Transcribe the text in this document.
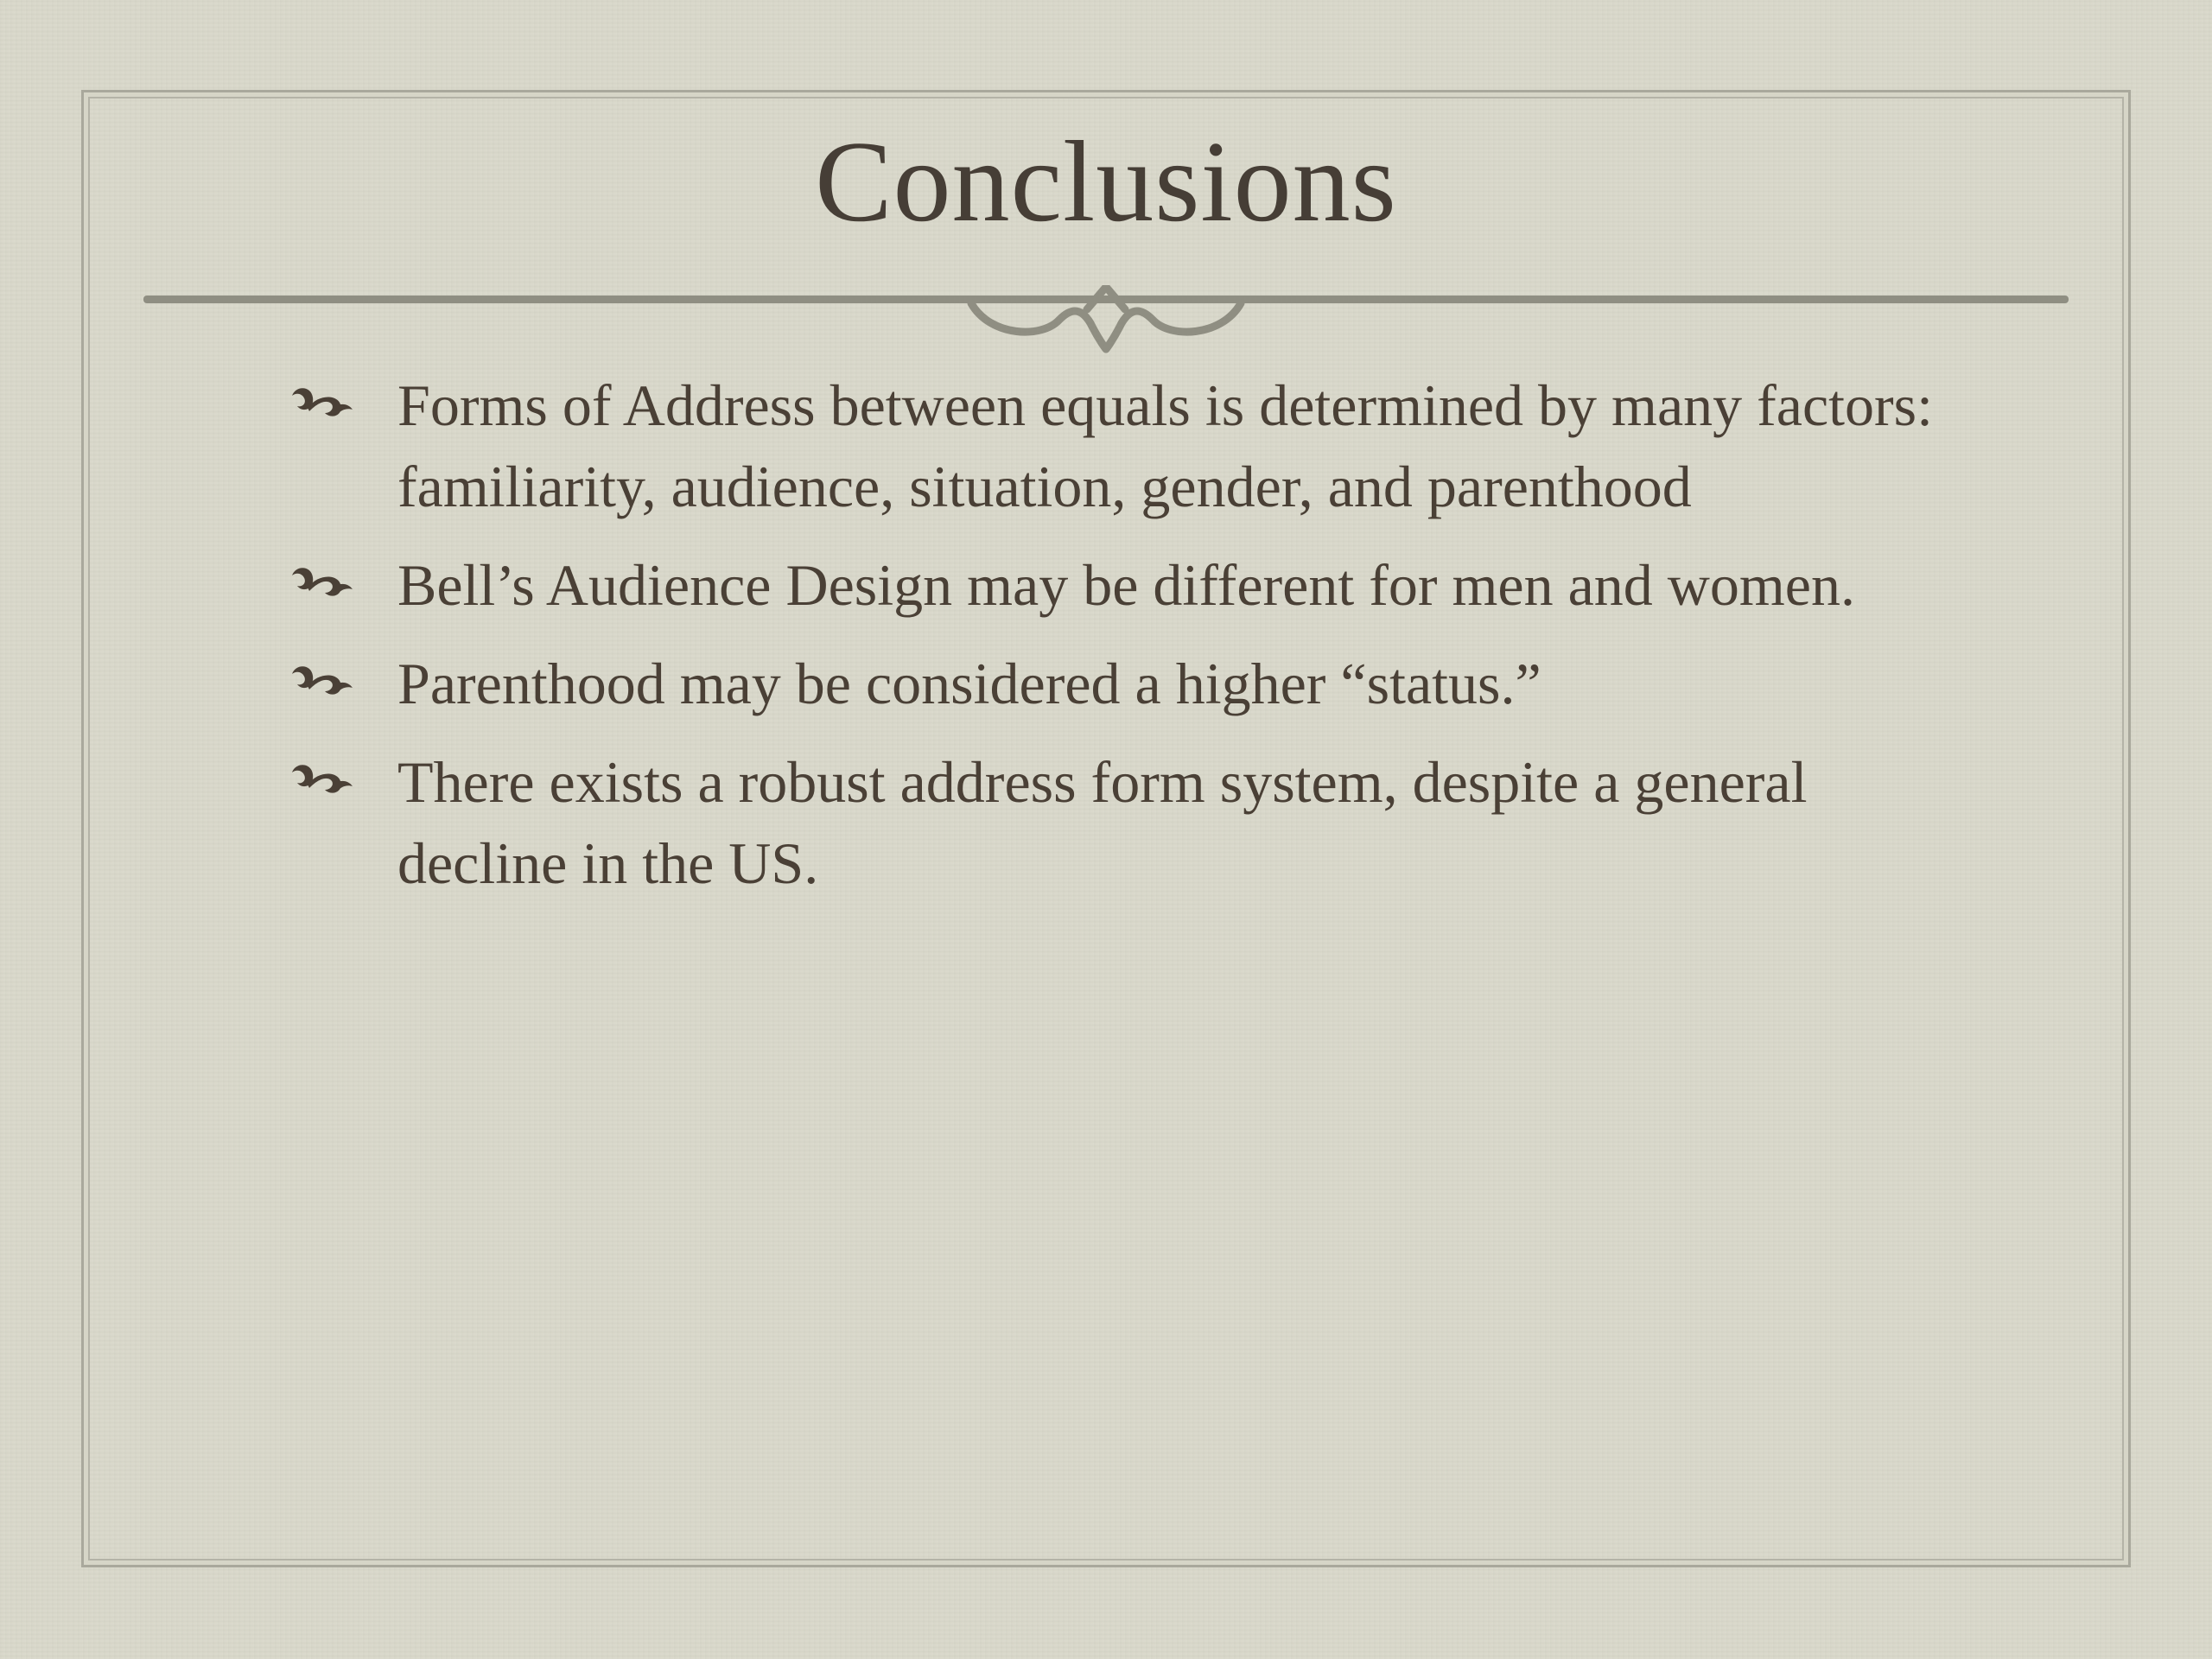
Conclusions
Forms of Address between equals is determined by many factors: familiarity, audience, situation, gender, and parenthood
Bell’s Audience Design may be different for men and women.
Parenthood may be considered a higher “status.”
There exists a robust address form system, despite a general decline in the US.
